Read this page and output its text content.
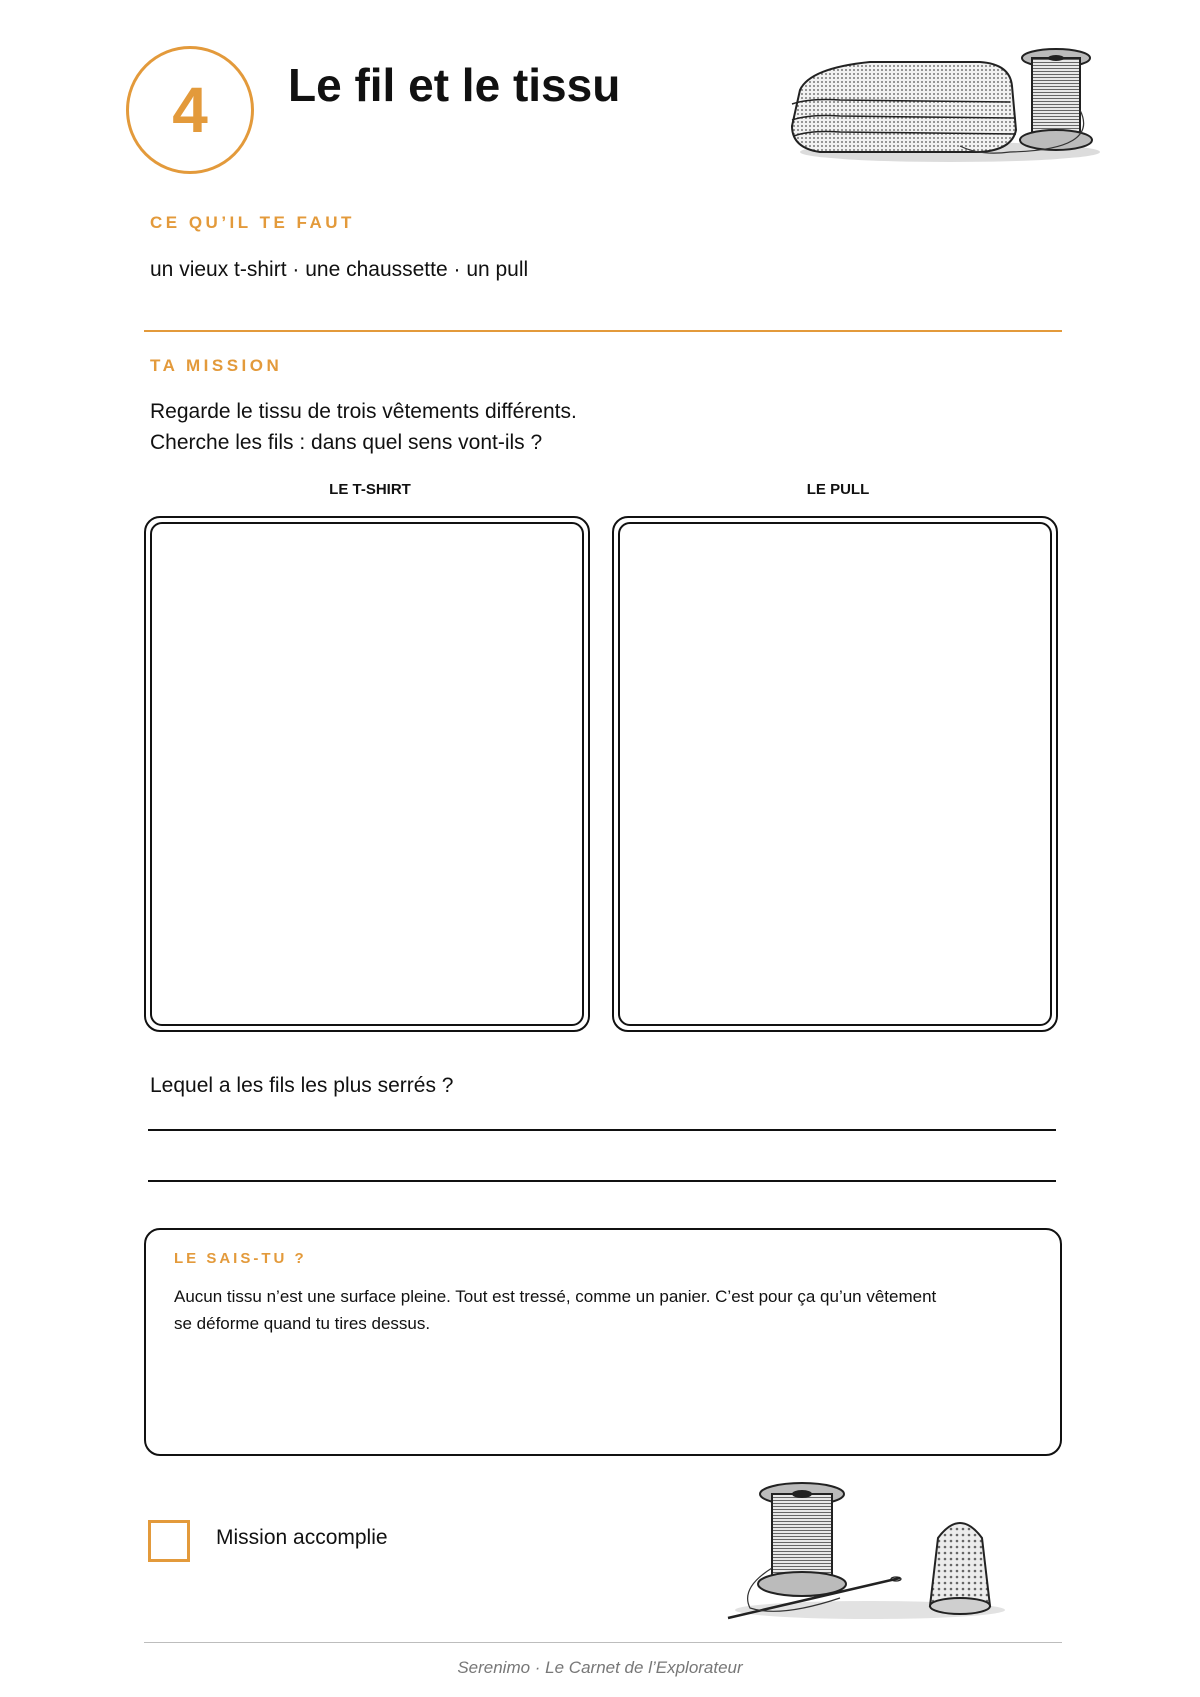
4 Le fil et le tissu
CE QU’IL TE FAUT
un vieux t-shirt · une chaussette · un pull
TA MISSION
Regarde le tissu de trois vêtements différents.
Cherche les fils : dans quel sens vont-ils ?
LE T-SHIRT	LE PULL
Lequel a les fils les plus serrés ?
LE SAIS-TU ?
Aucun tissu n’est une surface pleine. Tout est tressé, comme un panier. C’est pour ça qu’un vêtement
se déforme quand tu tires dessus.
Mission accomplie
Serenimo · Le Carnet de l’Explorateur
